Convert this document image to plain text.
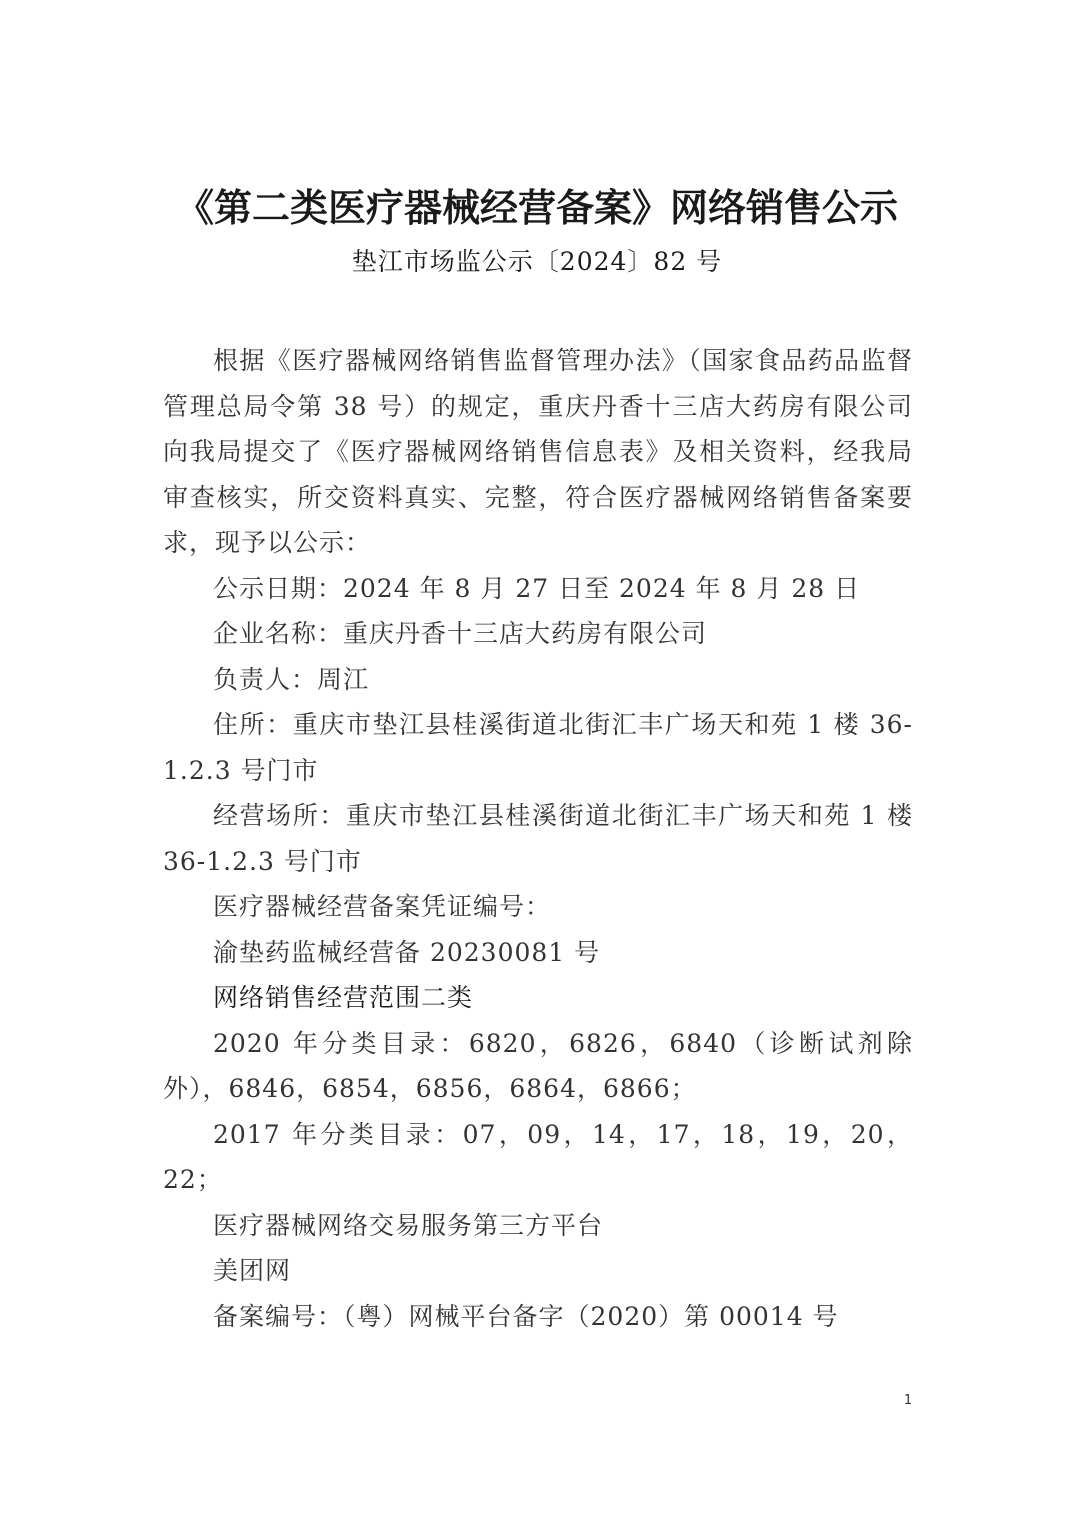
《第二类医疗器械经营备案》网络销售公示

垫江市场监公示〔2024〕82 号

根据《医疗器械网络销售监督管理办法》（国家食品药品监督管理总局令第 38 号）的规定，重庆丹香十三店大药房有限公司向我局提交了《医疗器械网络销售信息表》及相关资料，经我局审查核实，所交资料真实、完整，符合医疗器械网络销售备案要求，现予以公示：

公示日期：2024 年 8 月 27 日至 2024 年 8 月 28 日

企业名称：重庆丹香十三店大药房有限公司

负责人：周江

住所：重庆市垫江县桂溪街道北街汇丰广场天和苑 1 楼 36-1.2.3 号门市

经营场所：重庆市垫江县桂溪街道北街汇丰广场天和苑 1 楼 36-1.2.3 号门市

医疗器械经营备案凭证编号：

渝垫药监械经营备 20230081 号

网络销售经营范围二类

2020 年分类目录：6820，6826，6840（诊断试剂除外），6846，6854，6856，6864，6866；

2017 年分类目录：07，09，14，17，18，19，20，22；

医疗器械网络交易服务第三方平台

美团网

备案编号：（粤）网械平台备字（2020）第 00014 号

1
